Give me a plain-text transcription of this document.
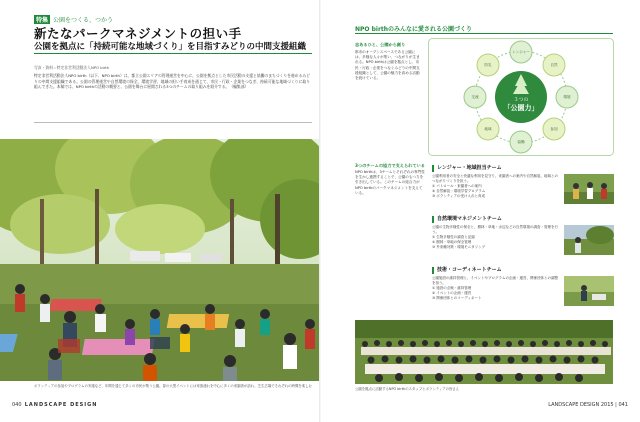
特集 公園をつくる、つかう
新たなパークマネジメントの担い手
公園を拠点に「持続可能な地域づくり」を目指すみどりの中間支援組織
写真・資料＝特定非営利活動法人NPO birth
特定非営利活動法人NPO birth（以下、NPO birth）は、都立公園エリアの管理運営を中心に、公園を拠点とした市民活動の支援と協働のまちづくりを進めるみどりの中間支援組織である。公園の管理運営や自然環境の保全、環境学習、地域の担い手育成を通じて、市民・行政・企業をつなぎ、持続可能な地域づくりに取り組んできた。本稿では、NPO birthの活動の概要と、公園を舞台に展開される3つのチームの取り組みを紹介する。（編集部）
ボランティアの参加やプログラムの実施など、年間を通じて多くの市民が集う公園。春の大型イベントには家族連れを中心に多くの来園者が訪れ、芝生広場でそれぞれの時間を楽しむ
040 LANDSCAPE DESIGN
NPO birthのみんなに愛される公園づくり
志あるひと、公園から創り
都市のオープンスペースである公園には、多様な人々が集い、つながりが生まれる。NPO birthは公園を拠点とし、市民・行政・企業をつなぐみどりの中間支援組織として、公園の魅力を高める活動を続けている。
３つの
「公園力」
レンジャー
自然
環境
参加
協働
地域
交流
防災
3つのチームの協力で支えられている
NPO birthは、3チームとそれぞれの専門性を生かし連携することで、公園のもつ力を引き出している。このチームの総合力がNPO birthのパークマネジメントを支えている。
レンジャー・地域担当チーム
公園利用者の安全と快適な利用を見守り、来園者への案内や自然解説、地域とのつながりづくりを担う。
① パトロール・来園者への案内
② 自然解説・環境学習プログラム
③ ボランティアの受け入れと育成
自然環境マネジメントチーム
公園の生物多様性の保全と、樹林・草地・水辺などの自然環境の調査・管理を行う。
① 生物多様性の調査と記録
② 樹林・草地の保全管理
③ 外来種対策・環境モニタリング
技術・コーディネートチーム
公園施設の維持管理と、イベントやプログラムの企画・運営、関係団体との調整を担う。
① 施設の点検・維持管理
② イベントの企画・運営
③ 関係団体とのコーディネート
公園を拠点に活動するNPO birthのスタッフとボランティアの皆さん
LANDSCAPE DESIGN 2015 | 041
